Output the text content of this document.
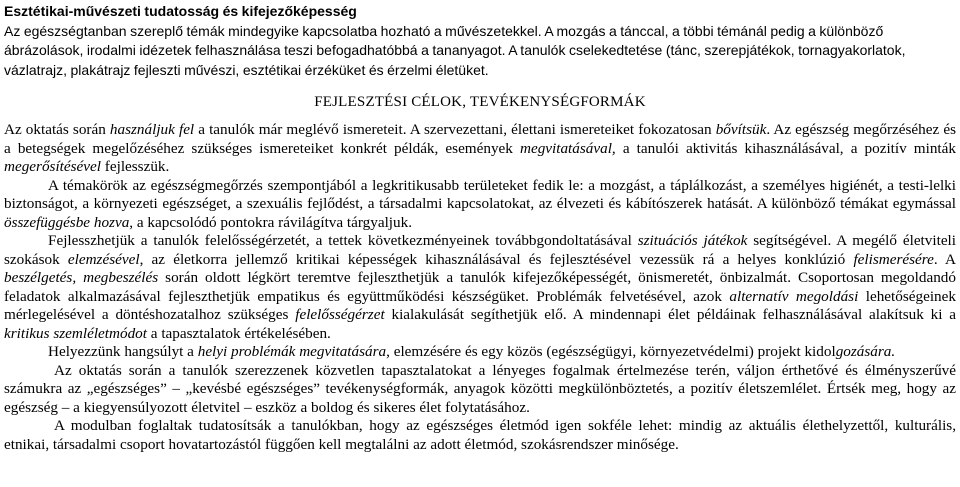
Esztétikai-művészeti tudatosság és kifejezőképesség

Az egészségtanban szereplő témák mindegyike kapcsolatba hozható a művészetekkel. A mozgás a tánccal, a többi témánál pedig a különböző ábrázolások, irodalmi idézetek felhasználása teszi befogadhatóbbá a tananyagot. A tanulók cselekedtetése (tánc, szerepjátékok, tornagyakorlatok, vázlatrajz, plakátrajz fejleszti művészi, esztétikai érzéküket és érzelmi életüket.

FEJLESZTÉSI CÉLOK, TEVÉKENYSÉGFORMÁK

Az oktatás során használjuk fel a tanulók már meglévő ismereteit. A szervezettani, élettani ismereteiket fokozatosan bővítsük. Az egészség megőrzéséhez és a betegségek megelőzéséhez szükséges ismereteiket konkrét példák, események megvitatásával, a tanulói aktivitás kihasználásával, a pozitív minták megerősítésével fejlesszük.

A témakörök az egészségmegőrzés szempontjából a legkritikusabb területeket fedik le: a mozgást, a táplálkozást, a személyes higiénét, a testi-lelki biztonságot, a környezeti egészséget, a szexuális fejlődést, a társadalmi kapcsolatokat, az élvezeti és kábítószerek hatását. A különböző témákat egymással összefüggésbe hozva, a kapcsolódó pontokra rávilágítva tárgyaljuk.

Fejlesszhetjük a tanulók felelősségérzetét, a tettek következményeinek továbbgondoltatásával szituációs játékok segítségével. A megélő életviteli szokások elemzésével, az életkorra jellemző kritikai képességek kihasználásával és fejlesztésével vezessük rá a helyes konklúzió felismerésére. A beszélgetés, megbeszélés során oldott légkört teremtve fejleszthetjük a tanulók kifejezőképességét, önismeretét, önbizalmát. Csoportosan megoldandó feladatok alkalmazásával fejleszthetjük empatikus és együttműködési készségüket. Problémák felvetésével, azok alternatív megoldási lehetőségeinek mérlegelésével a döntéshozatalhoz szükséges felelősségérzet kialakulását segíthetjük elő. A mindennapi élet példáinak felhasználásával alakítsuk ki a kritikus szemléletmódot a tapasztalatok értékelésében.

Helyezzünk hangsúlyt a helyi problémák megvitatására, elemzésére és egy közös (egészségügyi, környezetvédelmi) projekt kidolgozására.

Az oktatás során a tanulók szerezzenek közvetlen tapasztalatokat a lényeges fogalmak értelmezése terén, váljon érthetővé és élményszerűvé számukra az „egészséges” – „kevésbé egészséges” tevékenységformák, anyagok közötti megkülönböztetés, a pozitív életszemlélet. Értsék meg, hogy az egészség – a kiegyensúlyozott életvitel – eszköz a boldog és sikeres élet folytatásához.

A modulban foglaltak tudatosítsák a tanulókban, hogy az egészséges életmód igen sokféle lehet: mindig az aktuális élethelyzettől, kulturális, etnikai, társadalmi csoport hovatartozástól függően kell megtalálni az adott életmód, szokásrendszer minősége.
